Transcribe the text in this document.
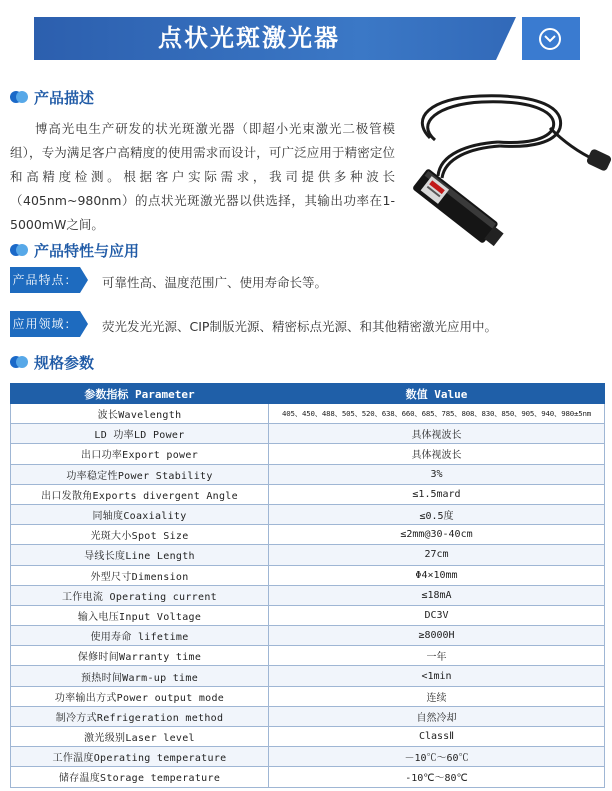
点状光斑激光器
产品描述

博高光电生产研发的状光斑激光器（即超小光束激光二极管模组），专为满足客户高精度的使用需求而设计，可广泛应用于精密定位和高精度检测。根据客户实际需求，我司提供多种波长（405nm~980nm）的点状光斑激光器以供选择，其输出功率在1-5000mW之间。

产品特性与应用
产品特点： 可靠性高、温度范围广、使用寿命长等。
应用领域： 荧光发光光源、CIP制版光源、精密标点光源、和其他精密激光应用中。
规格参数
参数指标 Parameter	数值 Value
波长Wavelength	405、450、488、505、520、638、660、685、785、808、830、850、905、940、980±5nm
LD 功率LD Power	具体视波长
出口功率Export power	具体视波长
功率稳定性Power Stability	3%
出口发散角Exports divergent Angle	≤1.5mard
同轴度Coaxiality	≤0.5度
光斑大小Spot Size	≤2mm@30-40cm
导线长度Line Length	27cm
外型尺寸Dimension	Φ4×10mm
工作电流 Operating current	≤18mA
输入电压Input Voltage	DC3V
使用寿命 lifetime	≥8000H
保修时间Warranty time	一年
预热时间Warm-up time	<1min
功率输出方式Power output mode	连续
制冷方式Refrigeration method	自然冷却
激光级别Laser level	ClassⅡ
工作温度Operating temperature	－10℃～60℃
储存温度Storage temperature	-10℃～80℃
